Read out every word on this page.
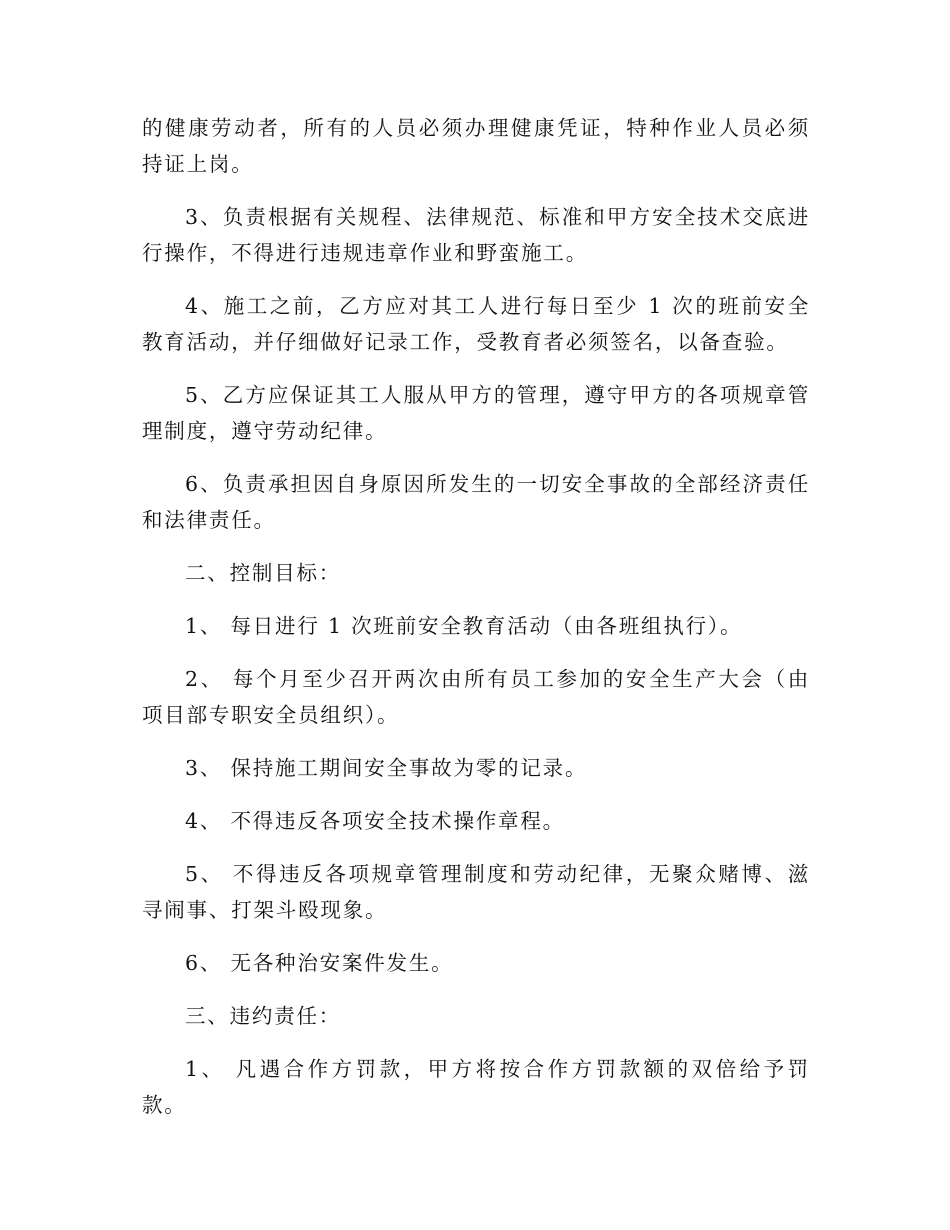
的健康劳动者，所有的人员必须办理健康凭证，特种作业人员必须持证上岗。

3、负责根据有关规程、法律规范、标准和甲方安全技术交底进行操作，不得进行违规违章作业和野蛮施工。

4、施工之前，乙方应对其工人进行每日至少 1 次的班前安全教育活动，并仔细做好记录工作，受教育者必须签名，以备查验。

5、乙方应保证其工人服从甲方的管理，遵守甲方的各项规章管理制度，遵守劳动纪律。

6、负责承担因自身原因所发生的一切安全事故的全部经济责任和法律责任。

二、控制目标：

1、 每日进行 1 次班前安全教育活动（由各班组执行）。

2、 每个月至少召开两次由所有员工参加的安全生产大会（由项目部专职安全员组织）。

3、 保持施工期间安全事故为零的记录。

4、 不得违反各项安全技术操作章程。

5、 不得违反各项规章管理制度和劳动纪律，无聚众赌博、滋寻闹事、打架斗殴现象。

6、 无各种治安案件发生。

三、违约责任：

1、 凡遇合作方罚款，甲方将按合作方罚款额的双倍给予罚款。
